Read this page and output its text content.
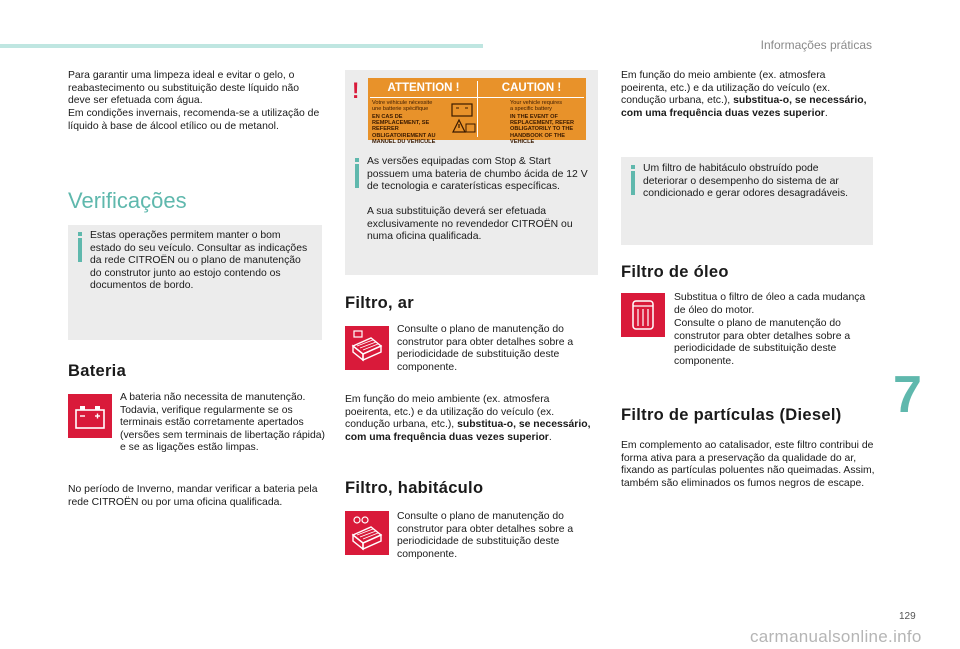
Informações práticas

Para garantir uma limpeza ideal e evitar o gelo, o reabastecimento ou substituição deste líquido não deve ser efetuada com água.

Em condições invernais, recomenda-se a utilização de líquido à base de álcool etílico ou de metanol.

Verificações

Estas operações permitem manter o bom estado do seu veículo. Consultar as indicações da rede CITROËN ou o plano de manutenção do construtor junto ao estojo contendo os documentos de bordo.

Bateria

A bateria não necessita de manutenção. Todavia, verifique regularmente se os terminais estão corretamente apertados (versões sem terminais de libertação rápida) e se as ligações estão limpas.

No período de Inverno, mandar verificar a bateria pela rede CITROËN ou por uma oficina qualificada.

As versões equipadas com Stop & Start possuem uma bateria de chumbo ácida de 12 V de tecnologia e caraterísticas específicas.

A sua substituição deverá ser efetuada exclusivamente no revendedor CITROËN ou numa oficina qualificada.

!	ATTENTION !	CAUTION !
Votre véhicule nécessite
une batterie spécifique
EN CAS DE REMPLACEMENT, SE REFERER OBLIGATOIREMENT AU MANUEL DU VEHICULE
Your vehicle requires
a specific battery
IN THE EVENT OF REPLACEMENT, REFER OBLIGATORILY TO THE HANDBOOK OF THE VEHICLE
Filtro, ar

Consulte o plano de manutenção do construtor para obter detalhes sobre a periodicidade de substituição deste componente.

Em função do meio ambiente (ex. atmosfera poeirenta, etc.) e da utilização do veículo (ex. condução urbana, etc.), substitua-o, se necessário, com uma frequência duas vezes superior.

Filtro, habitáculo

Consulte o plano de manutenção do construtor para obter detalhes sobre a periodicidade de substituição deste componente.

Em função do meio ambiente (ex. atmosfera poeirenta, etc.) e da utilização do veículo (ex. condução urbana, etc.), substitua-o, se necessário, com uma frequência duas vezes superior.

Um filtro de habitáculo obstruído pode deteriorar o desempenho do sistema de ar condicionado e gerar odores desagradáveis.

Filtro de óleo

Substitua o filtro de óleo a cada mudança de óleo do motor.

Consulte o plano de manutenção do construtor para obter detalhes sobre a periodicidade de substituição deste componente.

Filtro de partículas (Diesel)

Em complemento ao catalisador, este filtro contribui de forma ativa para a preservação da qualidade do ar, fixando as partículas poluentes não queimadas. Assim, também são eliminados os fumos negros de escape.

7
129
carmanualsonline.info
